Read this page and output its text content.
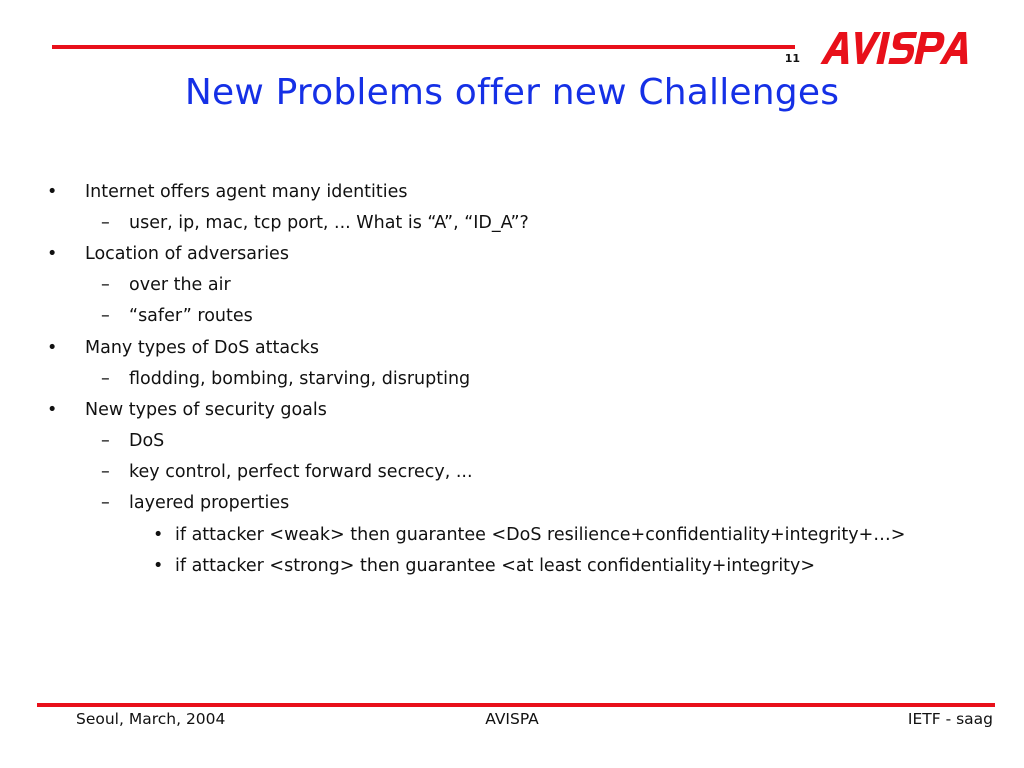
11
New Problems offer new Challenges
• Internet offers agent many identities
– user, ip, mac, tcp port, ... What is “A”, “ID_A”?
• Location of adversaries
– over the air
– “safer” routes
• Many types of DoS attacks
– flodding, bombing, starving, disrupting
• New types of security goals
– DoS
– key control, perfect forward secrecy, ...
– layered properties
• if attacker <weak> then guarantee <DoS resilience+confidentiality+integrity+…>
• if attacker <strong> then guarantee <at least confidentiality+integrity>
Seoul, March, 2004	AVISPA	IETF - saag
